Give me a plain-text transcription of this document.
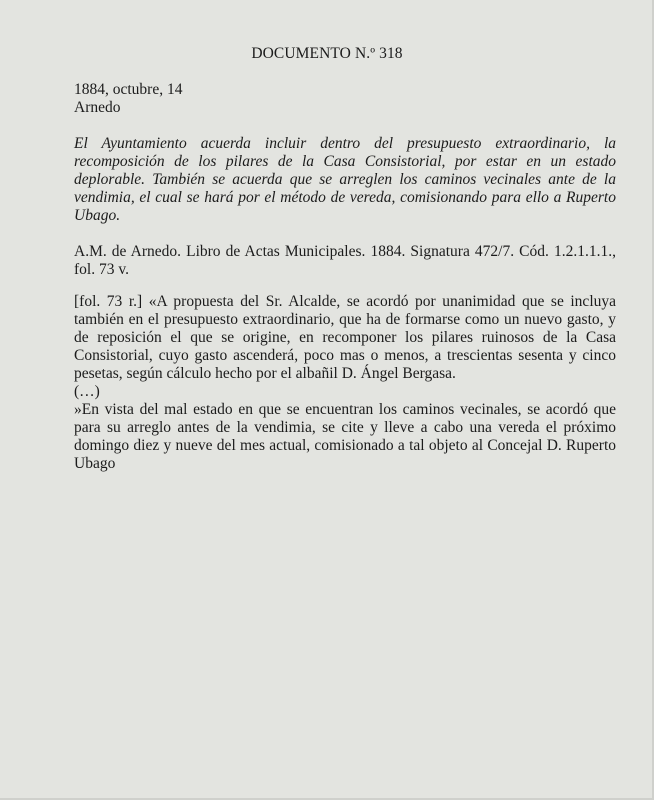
DOCUMENTO N.º 318
1884, octubre, 14
Arnedo
El Ayuntamiento acuerda incluir dentro del presupuesto extraordinario, la recomposición de los pilares de la Casa Consistorial, por estar en un estado deplorable. También se acuerda que se arreglen los caminos vecinales ante de la vendimia, el cual se hará por el método de vereda, comisionando para ello a Ruperto Ubago.
A.M. de Arnedo. Libro de Actas Municipales. 1884. Signatura 472/7. Cód. 1.2.1.1.1., fol. 73 v.

[fol. 73 r.] «A propuesta del Sr. Alcalde, se acordó por unanimidad que se incluya también en el presupuesto extraordinario, que ha de formarse como un nuevo gasto, y de reposición el que se origine, en recomponer los pilares ruinosos de la Casa Consistorial, cuyo gasto ascenderá, poco mas o menos, a trescientas sesenta y cinco pesetas, según cálculo hecho por el albañil D. Ángel Bergasa.

(…)

»En vista del mal estado en que se encuentran los caminos vecinales, se acordó que para su arreglo antes de la vendimia, se cite y lleve a cabo una vereda el próximo domingo diez y nueve del mes actual, comisionado a tal objeto al Concejal D. Ruperto Ubago
